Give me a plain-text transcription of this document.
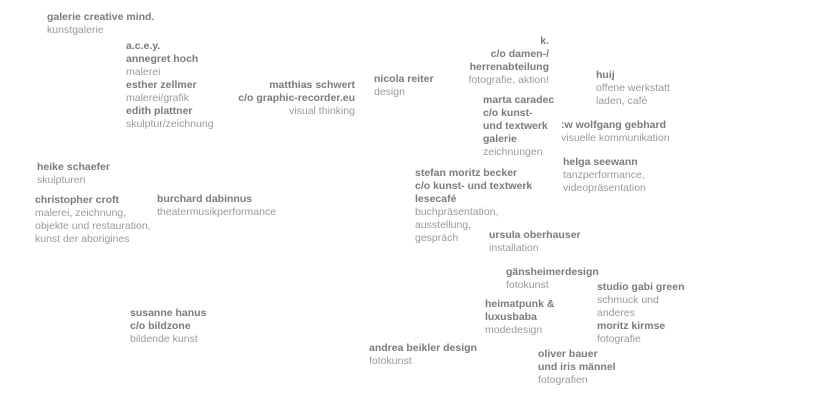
galerie creative mind.
kunstgalerie
a.c.e.y.
annegret hoch
malerei
esther zellmer
malerei/grafik
edith plattner
skulptur/zeichnung
matthias schwert
c/o graphic-recorder.eu
visual thinking
nicola reiter
design
k.
c/o damen-/
herrenabteilung
fotografie, aktion!	huij
offene werkstatt
laden, café
marta caradec
c/o kunst-
und textwerk
galerie
zeichnungen
:w wolfgang gebhard
visuelle kommunikation
heike schaefer
skulpturen
helga seewann
tanzperformance,
videopräsentation
stefan moritz becker
c/o kunst- und textwerk
lesecafé
buchpräsentation,
ausstellung,
gespräch
christopher croft
malerei, zeichnung,
objekte und restauration,
kunst der aborigines
burchard dabinnus
theatermusikperformance
ursula oberhauser
installation
gänsheimerdesign
fotokunst	studio gabi green
schmuck und
anderes
moritz kirmse
fotografie
heimatpunk &
luxusbaba
modedesign
susanne hanus
c/o bildzone
bildende kunst
andrea beikler design
fotokunst
oliver bauer
und iris männel
fotografien
